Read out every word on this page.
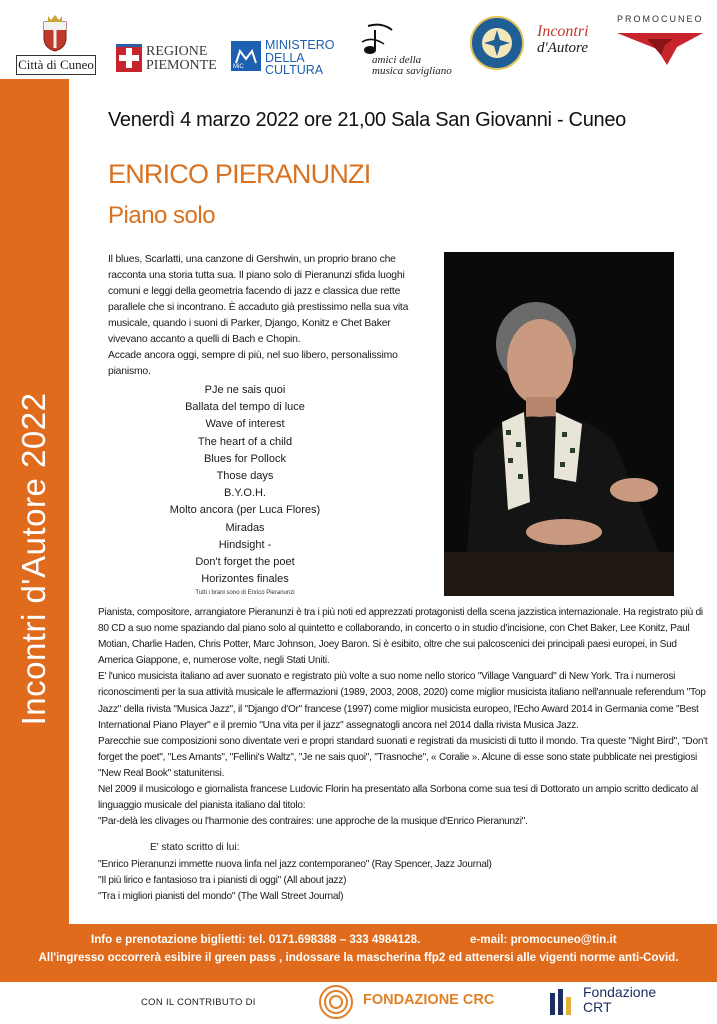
Città di Cuneo
REGIONE
PIEMONTE	MiC
MINISTERO
DELLA
CULTURA
amici della
musica savigliano
Incontri
d'Autore
PROMOCUNEO
Incontri d'Autore 2022
Venerdì 4 marzo 2022 ore 21,00 Sala San Giovanni - Cuneo
ENRICO PIERANUNZI
Piano solo

Il blues, Scarlatti, una canzone di Gershwin, un proprio brano che racconta una storia tutta sua. Il piano solo di Pieranunzi sfida luoghi comuni e leggi della geometria facendo di jazz e classica due rette parallele che si incontrano. È accaduto già prestissimo nella sua vita musicale, quando i suoni di Parker, Django, Konitz e Chet Baker vivevano accanto a quelli di Bach e Chopin.

Accade ancora oggi, sempre di più, nel suo libero, personalissimo pianismo.

PJe ne sais quoi
Ballata del tempo di luce
Wave of interest
The heart of a child
Blues for Pollock
Those days
B.Y.O.H.
Molto ancora (per Luca Flores)
Miradas
Hindsight -
Don't forget the poet
Horizontes finales
Tutti i brani sono di Enrico Pieranunzi

Pianista, compositore, arrangiatore Pieranunzi è tra i più noti ed apprezzati protagonisti della scena jazzistica internazionale. Ha registrato più di 80 CD a suo nome spaziando dal piano solo al quintetto e collaborando, in concerto o in studio d'incisione, con Chet Baker, Lee Konitz, Paul Motian, Charlie Haden, Chris Potter, Marc Johnson, Joey Baron. Si è esibito, oltre che sui palcoscenici dei principali paesi europei, in Sud America Giappone, e, numerose volte, negli Stati Uniti.

E' l'unico musicista italiano ad aver suonato e registrato più volte a suo nome nello storico "Village Vanguard" di New York. Tra i numerosi riconoscimenti per la sua attività musicale le affermazioni (1989, 2003, 2008, 2020) come miglior musicista italiano nell'annuale referendum "Top Jazz" della rivista "Musica Jazz", il "Django d'Or" francese (1997) come miglior musicista europeo, l'Echo Award 2014 in Germania come "Best International Piano Player" e il premio "Una vita per il jazz" assegnatogli ancora nel 2014 dalla rivista Musica Jazz.

Parecchie sue composizioni sono diventate veri e propri standard suonati e registrati da musicisti di tutto il mondo. Tra queste "Night Bird", "Don't forget the poet", "Les Amants", "Fellini's Waltz", "Je ne sais quoi", "Trasnoche", « Coralie ». Alcune di esse sono state pubblicate nei prestigiosi "New Real Book" statunitensi.

Nel 2009 il musicologo e giornalista francese Ludovic Florin ha presentato alla Sorbona come sua tesi di Dottorato un ampio scritto dedicato al linguaggio musicale del pianista italiano dal titolo:

"Par-delà les clivages ou l'harmonie des contraires: une approche de la musique d'Enrico Pieranunzi".

E' stato scritto di lui:

"Enrico Pieranunzi immette nuova linfa nel jazz contemporaneo" (Ray Spencer, Jazz Journal)

"Il più lirico e fantasioso tra i pianisti di oggi" (All about jazz)

"Tra i migliori pianisti del mondo" (The Wall Street Journal)

Info e prenotazione biglietti: tel. 0171.698388 – 333 4984128.	e-mail: promocuneo@tin.it
All'ingresso occorrerà esibire il green pass , indossare la mascherina ffp2 ed attenersi alle vigenti norme anti-Covid.
CON IL CONTRIBUTO DI	FONDAZIONE CRC	Fondazione
CRT
